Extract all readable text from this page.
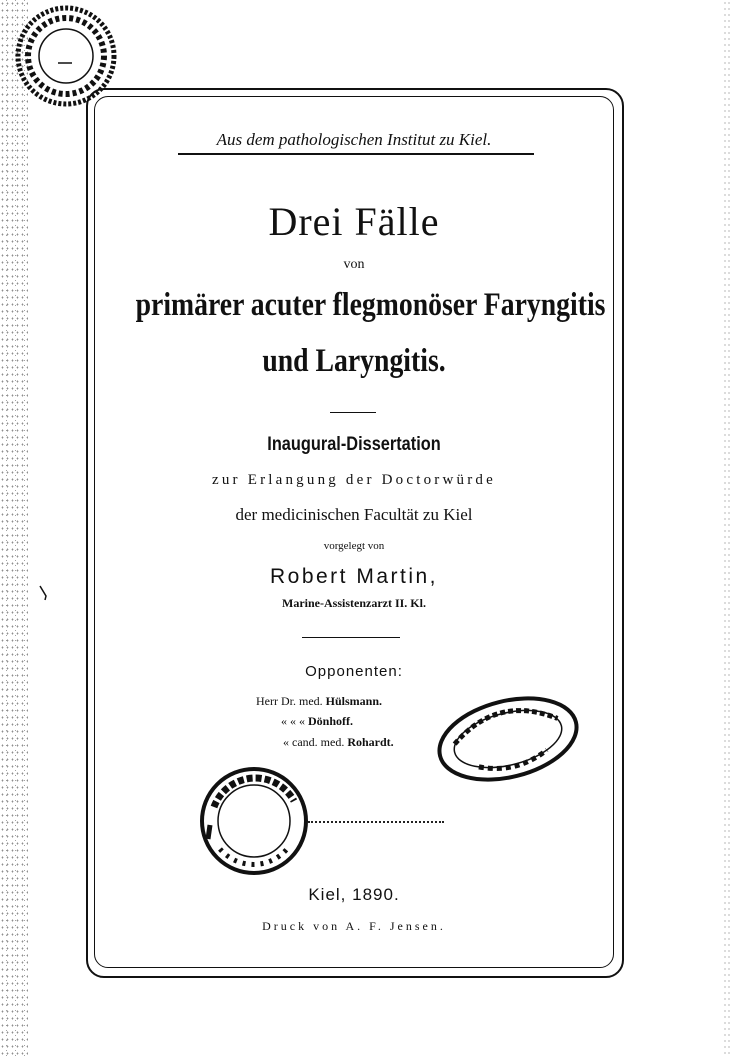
Aus dem pathologischen Institut zu Kiel.
Drei Fälle
von
primärer acuter flegmonöser Faryngitis
und Laryngitis.
Inaugural-Dissertation
zur Erlangung der Doctorwürde
der medicinischen Facultät zu Kiel
vorgelegt von
Robert Martin,
Marine-Assistenzarzt II. Kl.
Opponenten:
Herr Dr. med. Hülsmann.
« « « Dönhoff.
« cand. med. Rohardt.
Kiel, 1890.
Druck von A. F. Jensen.
